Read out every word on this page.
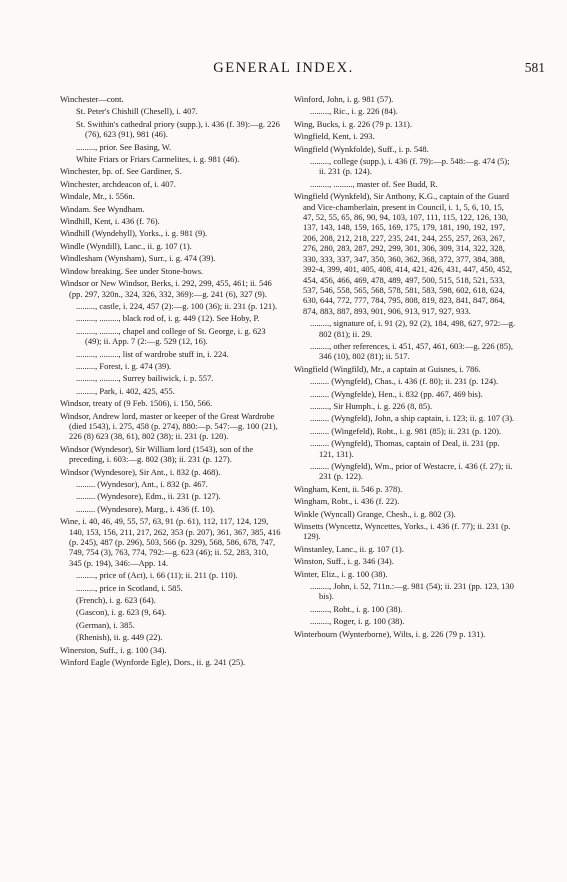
GENERAL INDEX.	581

Winchester—cont.

St. Peter's Chishill (Chesell), i. 407.

St. Swithin's cathedral priory (supp.), i. 436 (f. 39):—g. 226 (76), 623 (91), 981 (46).

........., prior. See Basing, W.

White Friars or Friars Carmelites, i. g. 981 (46).

Winchester, bp. of. See Gardiner, S.

Winchester, archdeacon of, i. 407.

Windale, Mr., i. 556n.

Windam. See Wyndham.

Windhill, Kent, i. 436 (f. 76).

Windhill (Wyndehyll), Yorks., i. g. 981 (9).

Windle (Wyndill), Lanc., ii. g. 107 (1).

Windlesham (Wynsham), Surr., i. g. 474 (39).

Window breaking. See under Stone-bows.

Windsor or New Windsor, Berks, i. 292, 299, 455, 461; ii. 546 (pp. 297, 320n., 324, 326, 332, 369):—g. 241 (6), 327 (9).

........., castle, i. 224, 457 (2):—g. 100 (36); ii. 231 (p. 121).

........., ........., black rod of, i. g. 449 (12). See Hoby, P.

........., ........., chapel and college of St. George, i. g. 623 (49); ii. App. 7 (2:—g. 529 (12, 16).

........., ........., list of wardrobe stuff in, i. 224.

........., Forest, i. g. 474 (39).

........., ........., Surrey bailiwick, i. p. 557.

........., Park, i. 402, 425, 455.

Windsor, treaty of (9 Feb. 1506), i. 150, 566.

Windsor, Andrew lord, master or keeper of the Great Wardrobe (died 1543), i. 275, 458 (p. 274), 880:—p. 547:—g. 100 (21), 226 (8) 623 (38, 61), 802 (38); ii. 231 (p. 120).

Windsor (Wyndesor), Sir William lord (1543), son of the preceding, i. 603:—g. 802 (38); ii. 231 (p. 127).

Windsor (Wyndesore), Sir Ant., i. 832 (p. 468).

......... (Wyndesor), Ant., i. 832 (p. 467.

......... (Wyndesore), Edm., ii. 231 (p. 127).

......... (Wyndesore), Marg., i. 436 (f. 10).

Wine, i. 40, 46, 49, 55, 57, 63, 91 (p. 61), 112, 117, 124, 129, 140, 153, 156, 211, 217, 262, 353 (p. 207), 361, 367, 385, 416 (p. 245), 487 (p. 296), 503, 566 (p. 329), 568, 586, 678, 747, 749, 754 (3), 763, 774, 792:—g. 623 (46); ii. 52, 283, 310, 345 (p. 194), 346:—App. 14.

........., price of (Act), i. 66 (11); ii. 211 (p. 110).

........., price in Scotland, i. 585.

(French), i. g. 623 (64).

(Gascon), i. g. 623 (9, 64).

(German), i. 385.

(Rhenish), ii. g. 449 (22).

Winerston, Suff., i. g. 100 (34).

Winford Eagle (Wynforde Egle), Dors., ii. g. 241 (25).

Winford, John, i. g. 981 (57).

........., Ric., i. g. 226 (84).

Wing, Bucks, i. g. 226 (79 p. 131).

Wingfield, Kent, i. 293.

Wingfield (Wynkfolde), Suff., i. p. 548.

........., college (supp.), i. 436 (f. 79):—p. 548:—g. 474 (5); ii. 231 (p. 124).

........., ........., master of. See Budd, R.

Wingfield (Wynkfeld), Sir Anthony, K.G., captain of the Guard and Vice-chamberlain, present in Council, i. 1, 5, 6, 10, 15, 47, 52, 55, 65, 86, 90, 94, 103, 107, 111, 115, 122, 126, 130, 137, 143, 148, 159, 165, 169, 175, 179, 181, 190, 192, 197, 206, 208, 212, 218, 227, 235, 241, 244, 255, 257, 263, 267, 276, 280, 283, 287, 292, 299, 301, 306, 309, 314, 322, 328, 330, 333, 337, 347, 350, 360, 362, 368, 372, 377, 384, 388, 392-4, 399, 401, 405, 408, 414, 421, 426, 431, 447, 450, 452, 454, 456, 466, 469, 478, 489, 497, 500, 515, 518, 521, 533, 537, 546, 558, 565, 568, 578, 581, 583, 598, 602, 618, 624, 630, 644, 772, 777, 784, 795, 808, 819, 823, 841, 847, 864, 874, 883, 887, 893, 901, 906, 913, 917, 927, 933.

........., signature of, i. 91 (2), 92 (2), 184, 498, 627, 972:—g. 802 (81); ii. 29.

........., other references, i. 451, 457, 461, 603:—g. 226 (85), 346 (10), 802 (81); ii. 517.

Wingfield (Wingfild), Mr., a captain at Guisnes, i. 786.

......... (Wyngfeld), Chas., i. 436 (f. 80); ii. 231 (p. 124).

......... (Wyngfelde), Hen., i. 832 (pp. 467, 469 bis).

........., Sir Humph., i. g. 226 (8, 85).

......... (Wyngfeld), John, a ship captain, i. 123; ii. g. 107 (3).

......... (Wingefeld), Robt., i. g. 981 (85); ii. 231 (p. 120).

......... (Wyngfeld), Thomas, captain of Deal, ii. 231 (pp. 121, 131).

......... (Wyngfeld), Wm., prior of Westacre, i. 436 (f. 27); ii. 231 (p. 122).

Wingham, Kent, ii. 546 p. 378).

Wingham, Robt., i. 436 (f. 22).

Winkle (Wyncall) Grange, Chesh., i. g. 802 (3).

Winsetts (Wyncettz, Wyncettes, Yorks., i. 436 (f. 77); ii. 231 (p. 129).

Winstanley, Lanc., ii. g. 107 (1).

Winston, Suff., i. g. 346 (34).

Winter, Eliz., i. g. 100 (38).

........., John, i. 52, 711n.:—g. 981 (54); ii. 231 (pp. 123, 130 bis).

........., Robt., i. g. 100 (38).

........., Roger, i. g. 100 (38).

Winterbourn (Wynterborne), Wilts, i. g. 226 (79 p. 131).
